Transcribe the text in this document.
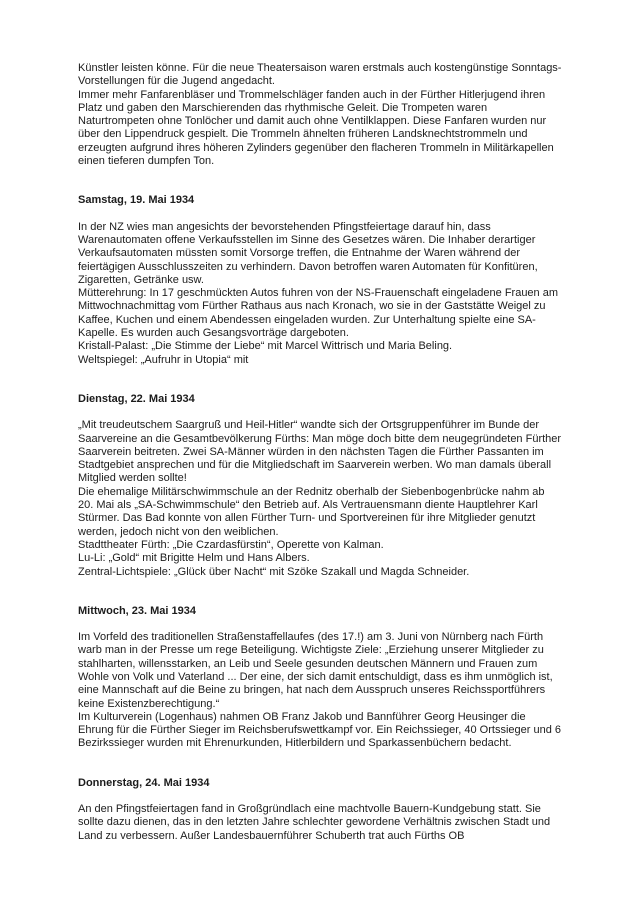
Künstler leisten könne. Für die neue Theatersaison waren erstmals auch kostengünstige Sonntags-Vorstellungen für die Jugend angedacht.

Immer mehr Fanfarenbläser und Trommelschläger fanden auch in der Fürther Hitlerjugend ihren Platz und gaben den Marschierenden das rhythmische Geleit. Die Trompeten waren Naturtrompeten ohne Tonlöcher und damit auch ohne Ventilklappen. Diese Fanfaren wurden nur über den Lippendruck gespielt. Die Trommeln ähnelten früheren Landsknechtstrommeln und erzeugten aufgrund ihres höheren Zylinders gegenüber den flacheren Trommeln in Militärkapellen einen tieferen dumpfen Ton.

Samstag, 19. Mai 1934

In der NZ wies man angesichts der bevorstehenden Pfingstfeiertage darauf hin, dass Warenautomaten offene Verkaufsstellen im Sinne des Gesetzes wären. Die Inhaber derartiger Verkaufsautomaten müssten somit Vorsorge treffen, die Entnahme der Waren während der feiertägigen Ausschlusszeiten zu verhindern. Davon betroffen waren Automaten für Konfitüren, Zigaretten, Getränke usw.

Mütterehrung: In 17 geschmückten Autos fuhren von der NS-Frauenschaft eingeladene Frauen am Mittwochnachmittag vom Fürther Rathaus aus nach Kronach, wo sie in der Gaststätte Weigel zu Kaffee, Kuchen und einem Abendessen eingeladen wurden. Zur Unterhaltung spielte eine SA-Kapelle. Es wurden auch Gesangsvorträge dargeboten.

Kristall-Palast: „Die Stimme der Liebe“ mit Marcel Wittrisch und Maria Beling.

Weltspiegel: „Aufruhr in Utopia“ mit

Dienstag, 22. Mai 1934

„Mit treudeutschem Saargruß und Heil-Hitler“ wandte sich der Ortsgruppenführer im Bunde der Saarvereine an die Gesamtbevölkerung Fürths: Man möge doch bitte dem neugegründeten Fürther Saarverein beitreten. Zwei SA-Männer würden in den nächsten Tagen die Fürther Passanten im Stadtgebiet ansprechen und für die Mitgliedschaft im Saarverein werben. Wo man damals überall Mitglied werden sollte!

Die ehemalige Militärschwimmschule an der Rednitz oberhalb der Siebenbogenbrücke nahm ab 20. Mai als „SA-Schwimmschule“ den Betrieb auf. Als Vertrauensmann diente Hauptlehrer Karl Stürmer. Das Bad konnte von allen Fürther Turn- und Sportvereinen für ihre Mitglieder genutzt werden, jedoch nicht von den weiblichen.

Stadttheater Fürth: „Die Czardasfürstin“, Operette von Kalman.

Lu-Li: „Gold“ mit Brigitte Helm und Hans Albers.

Zentral-Lichtspiele: „Glück über Nacht“ mit Szöke Szakall und Magda Schneider.

Mittwoch, 23. Mai 1934

Im Vorfeld des traditionellen Straßenstaffellaufes (des 17.!) am 3. Juni von Nürnberg nach Fürth warb man in der Presse um rege Beteiligung. Wichtigste Ziele: „Erziehung unserer Mitglieder zu stahlharten, willensstarken, an Leib und Seele gesunden deutschen Männern und Frauen zum Wohle von Volk und Vaterland ... Der eine, der sich damit entschuldigt, dass es ihm unmöglich ist, eine Mannschaft auf die Beine zu bringen, hat nach dem Ausspruch unseres Reichssportführers keine Existenzberechtigung.“

Im Kulturverein (Logenhaus) nahmen OB Franz Jakob und Bannführer Georg Heusinger die Ehrung für die Fürther Sieger im Reichsberufswettkampf vor. Ein Reichssieger, 40 Ortssieger und 6 Bezirkssieger wurden mit Ehrenurkunden, Hitlerbildern und Sparkassenbüchern bedacht.

Donnerstag, 24. Mai 1934

An den Pfingstfeiertagen fand in Großgründlach eine machtvolle Bauern-Kundgebung statt. Sie sollte dazu dienen, das in den letzten Jahre schlechter gewordene Verhältnis zwischen Stadt und Land zu verbessern. Außer Landesbauernführer Schuberth trat auch Fürths OB
